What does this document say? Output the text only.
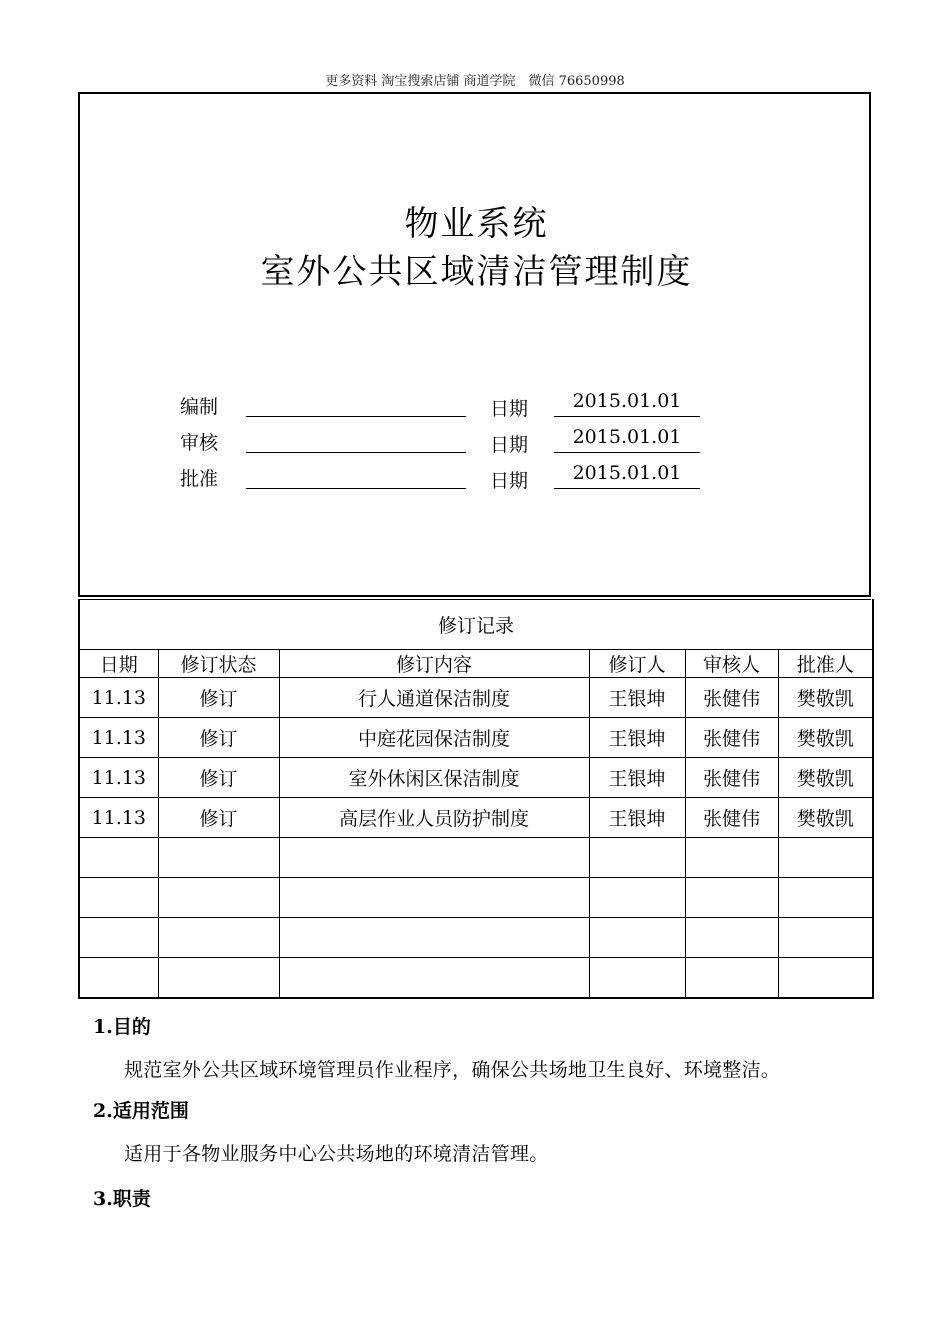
更多资料 淘宝搜索店铺 商道学院　微信 76650998
物业系统
室外公共区域清洁管理制度
编制	日期	2015.01.01
审核	日期	2015.01.01
批准	日期	2015.01.01
修订记录					
日期	修订状态	修订内容	修订人	审核人	批准人
11.13	修订	行人通道保洁制度	王银坤	张健伟	樊敬凯
11.13	修订	中庭花园保洁制度	王银坤	张健伟	樊敬凯
11.13	修订	室外休闲区保洁制度	王银坤	张健伟	樊敬凯
11.13	修订	高层作业人员防护制度	王银坤	张健伟	樊敬凯

1.目的
规范室外公共区域环境管理员作业程序，确保公共场地卫生良好、环境整洁。
2.适用范围
适用于各物业服务中心公共场地的环境清洁管理。
3.职责
